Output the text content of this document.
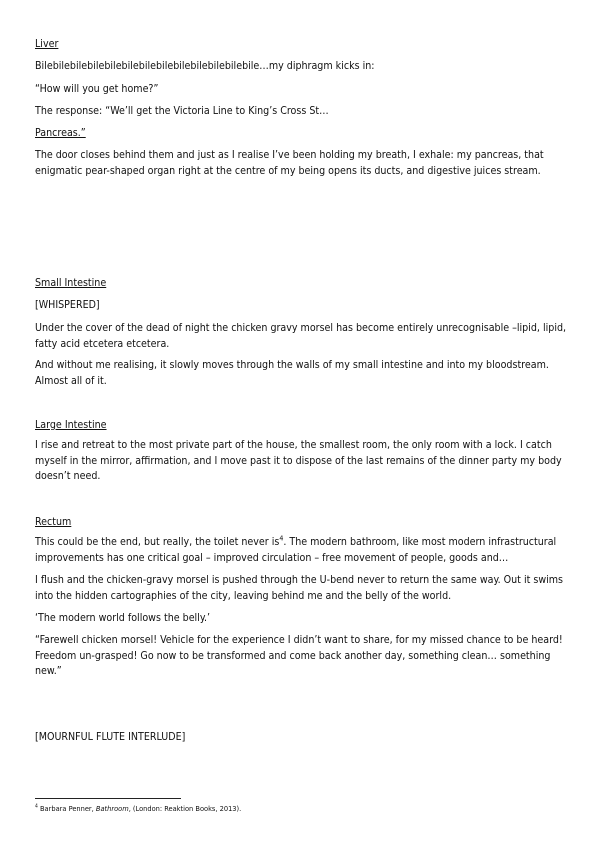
Liver
Bilebilebilebilebilebilebilebilebilebilebilebilebile…my diphragm kicks in:
“How will you get home?”
The response: “We’ll get the Victoria Line to King’s Cross St…
Pancreas.”
The door closes behind them and just as I realise I’ve been holding my breath, I exhale: my pancreas, that enigmatic pear-shaped organ right at the centre of my being opens its ducts, and digestive juices stream.
Small Intestine
[WHISPERED]
Under the cover of the dead of night the chicken gravy morsel has become entirely unrecognisable –lipid, lipid, fatty acid etcetera etcetera.
And without me realising, it slowly moves through the walls of my small intestine and into my bloodstream. Almost all of it.
Large Intestine
I rise and retreat to the most private part of the house, the smallest room, the only room with a lock. I catch myself in the mirror, affirmation, and I move past it to dispose of the last remains of the dinner party my body doesn’t need.
Rectum
This could be the end, but really, the toilet never $is^4$. The modern bathroom, like most modern infrastructural improvements has one critical goal – improved circulation – free movement of people, goods and…
I flush and the chicken-gravy morsel is pushed through the U-bend never to return the same way. Out it swims into the hidden cartographies of the city, leaving behind me and the belly of the world.
‘The modern world follows the belly.’
“Farewell chicken morsel! Vehicle for the experience I didn’t want to share, for my missed chance to be heard! Freedom un-grasped! Go now to be transformed and come back another day, something clean… something new.”
[MOURNFUL FLUTE INTERLUDE]
$^4$ Barbara Penner, Bathroom, (London: Reaktion Books, 2013).
